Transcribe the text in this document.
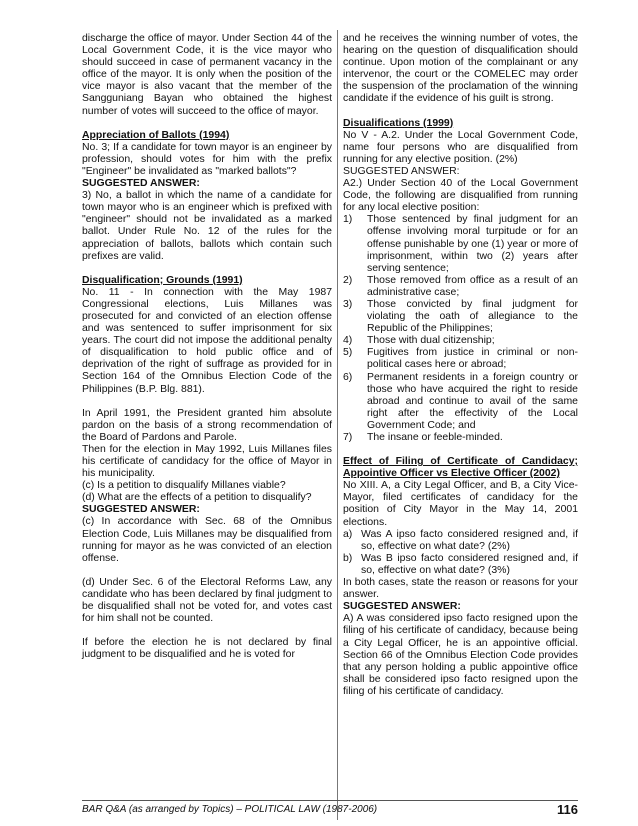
discharge the office of mayor. Under Section 44 of the Local Government Code, it is the vice mayor who should succeed in case of permanent vacancy in the office of the mayor. It is only when the position of the vice mayor is also vacant that the member of the Sangguniang Bayan who obtained the highest number of votes will succeed to the office of mayor.

Appreciation of Ballots (1994)

No. 3; If a candidate for town mayor is an engineer by profession, should votes for him with the prefix "Engineer" be invalidated as "marked ballots"?

SUGGESTED ANSWER:

3) No, a ballot in which the name of a candidate for town mayor who is an engineer which is prefixed with "engineer" should not be invalidated as a marked ballot. Under Rule No. 12 of the rules for the appreciation of ballots, ballots which contain such prefixes are valid.

Disqualification; Grounds (1991)

No. 11 - In connection with the May 1987 Congressional elections, Luis Millanes was prosecuted for and convicted of an election offense and was sentenced to suffer imprisonment for six years. The court did not impose the additional penalty of disqualification to hold public office and of deprivation of the right of suffrage as provided for in Section 164 of the Omnibus Election Code of the Philippines (B.P. Blg. 881).

In April 1991, the President granted him absolute pardon on the basis of a strong recommendation of the Board of Pardons and Parole.

Then for the election in May 1992, Luis Millanes files his certificate of candidacy for the office of Mayor in his municipality.

(c) Is a petition to disqualify Millanes viable?

(d) What are the effects of a petition to disqualify?

SUGGESTED ANSWER:

(c) In accordance with Sec. 68 of the Omnibus Election Code, Luis Millanes may be disqualified from running for mayor as he was convicted of an election offense.

(d) Under Sec. 6 of the Electoral Reforms Law, any candidate who has been declared by final judgment to be disqualified shall not be voted for, and votes cast for him shall not be counted.

If before the election he is not declared by final judgment to be disqualified and he is voted for

and he receives the winning number of votes, the hearing on the question of disqualification should continue. Upon motion of the complainant or any intervenor, the court or the COMELEC may order the suspension of the proclamation of the winning candidate if the evidence of his guilt is strong.

Disualifications (1999)

No V - A.2. Under the Local Government Code, name four persons who are disqualified from running for any elective position. (2%)

SUGGESTED ANSWER:

A2.) Under Section 40 of the Local Government Code, the following are disqualified from running for any local elective position:

1)	Those sentenced by final judgment for an offense involving moral turpitude or for an offense punishable by one (1) year or more of imprisonment, within two (2) years after serving sentence;
2)	Those removed from office as a result of an administrative case;
3)	Those convicted by final judgment for violating the oath of allegiance to the Republic of the Philippines;
4)	Those with dual citizenship;
5)	Fugitives from justice in criminal or non-political cases here or abroad;
6)	Permanent residents in a foreign country or those who have acquired the right to reside abroad and continue to avail of the same right after the effectivity of the Local Government Code; and
7)	The insane or feeble-minded.

Effect of Filing of Certificate of Candidacy; Appointive Officer vs Elective Officer (2002)

No XIII. A, a City Legal Officer, and B, a City Vice-Mayor, filed certificates of candidacy for the position of City Mayor in the May 14, 2001 elections.

a) Was A ipso facto considered resigned and, if so, effective on what date? (2%)
b) Was B ipso facto considered resigned and, if so, effective on what date? (3%)

In both cases, state the reason or reasons for your answer.

SUGGESTED ANSWER:

A) A was considered ipso facto resigned upon the filing of his certificate of candidacy, because being a City Legal Officer, he is an appointive official. Section 66 of the Omnibus Election Code provides that any person holding a public appointive office shall be considered ipso facto resigned upon the filing of his certificate of candidacy.

BAR Q&A (as arranged by Topics) – POLITICAL LAW (1987-2006)	116
